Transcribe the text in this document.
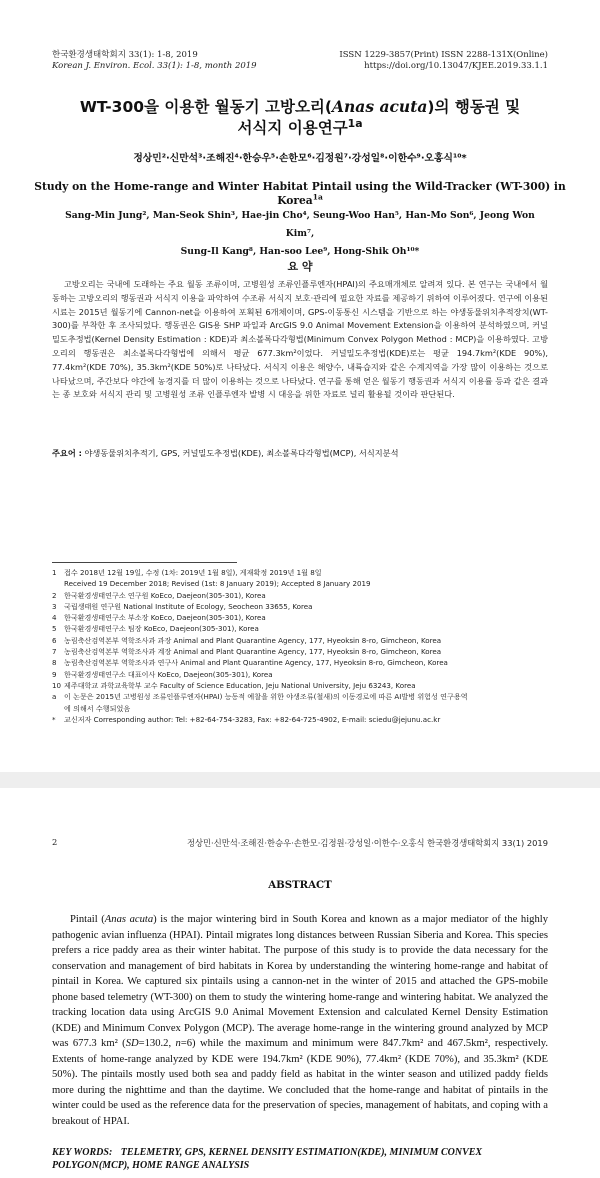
한국환경생태학회지 33(1): 1-8, 2019
Korean J. Environ. Ecol. 33(1): 1-8, month 2019
ISSN 1229-3857(Print) ISSN 2288-131X(Online)
https://doi.org/10.13047/KJEE.2019.33.1.1
WT-300을 이용한 월동기 고방오리(Anas acuta)의 행동권 및
서식지 이용연구$^{1a}$
정상민²·신만석³·조해진⁴·한승우⁵·손한모⁶·김정원⁷·강성일⁸·이한수⁹·오홍식¹⁰*
Study on the Home-range and Winter Habitat Pintail using the Wild-Tracker (WT-300) in Korea$^{1a}$
Sang-Min Jung², Man-Seok Shin³, Hae-jin Cho⁴, Seung-Woo Han⁵, Han-Mo Son⁶, Jeong Won Kim⁷,
Sung-Il Kang⁸, Han-soo Lee⁹, Hong-Shik Oh¹⁰*
요 약

고방오리는 국내에 도래하는 주요 월동 조류이며, 고병원성 조류인플루엔자(HPAI)의 주요매개체로 알려져 있다. 본 연구는 국내에서 월동하는 고방오리의 행동권과 서식지 이용을 파악하여 수조류 서식지 보호·관리에 필요한 자료를 제공하기 위하여 이루어졌다. 연구에 이용된 시료는 2015년 월동기에 Cannon-net을 이용하여 포획된 6개체이며, GPS-이동통신 시스템을 기반으로 하는 야생동물위치추적장치(WT-300)를 부착한 후 조사되었다. 행동권은 GIS용 SHP 파일과 ArcGIS 9.0 Animal Movement Extension을 이용하여 분석하였으며, 커널밀도추정법(Kernel Density Estimation : KDE)과 최소볼록다각형법(Minimum Convex Polygon Method : MCP)을 이용하였다. 고방오리의 행동권은 최소볼록다각형법에 의해서 평균 677.3km²이었다. 커널밀도추정법(KDE)로는 평균 194.7km²(KDE 90%), 77.4km²(KDE 70%), 35.3km²(KDE 50%)로 나타났다. 서식지 이용은 해양수, 내륙습지와 같은 수계지역을 가장 많이 이용하는 것으로 나타났으며, 주간보다 야간에 농경지를 더 많이 이용하는 것으로 나타났다. 연구를 통해 얻은 월동기 행동권과 서식지 이용률 등과 같은 결과는 종 보호와 서식지 관리 및 고병원성 조류 인플루엔자 발병 시 대응을 위한 자료로 널리 활용될 것이라 판단된다.

주요어 : 야생동물위치추적기, GPS, 커널밀도추정법(KDE), 최소볼록다각형법(MCP), 서식지분석
1	접수 2018년 12월 19일, 수정 (1차: 2019년 1월 8일), 게재확정 2019년 1월 8일
Received 19 December 2018; Revised (1st: 8 January 2019); Accepted 8 January 2019
2	한국환경생태연구소 연구원 KoEco, Daejeon(305-301), Korea
3	국립생태원 연구원 National Institute of Ecology, Seocheon 33655, Korea
4	한국환경생태연구소 부소장 KoEco, Daejeon(305-301), Korea
5	한국환경생태연구소 팀장 KoEco, Daejeon(305-301), Korea
6	농림축산검역본부 역학조사과 과장 Animal and Plant Quarantine Agency, 177, Hyeoksin 8-ro, Gimcheon, Korea
7	농림축산검역본부 역학조사과 계장 Animal and Plant Quarantine Agency, 177, Hyeoksin 8-ro, Gimcheon, Korea
8	농림축산검역본부 역학조사과 연구사 Animal and Plant Quarantine Agency, 177, Hyeoksin 8-ro, Gimcheon, Korea
9	한국환경생태연구소 대표이사 KoEco, Daejeon(305-301), Korea
10 제주대학교 과학교육학부 교수 Faculty of Science Education, Jeju National University, Jeju 63243, Korea
a	이 논문은 2015년 고병원성 조류인플루엔자(HPAI) 능동적 예찰을 위한 야생조류(철새)의 이동경로에 따른 AI발병 위험성 연구용역
에 의해서 수행되었음
*	교신저자 Corresponding author: Tel: +82-64-754-3283, Fax: +82-64-725-4902, E-mail: sciedu@jejunu.ac.kr
2	정상민·신만석·조해진·한승우·손한모·김정원·강성일·이한수·오홍식 한국환경생태학회지 33(1) 2019
ABSTRACT

Pintail (Anas acuta) is the major wintering bird in South Korea and known as a major mediator of the highly pathogenic avian influenza (HPAI). Pintail migrates long distances between Russian Siberia and Korea. This species prefers a rice paddy area as their winter habitat. The purpose of this study is to provide the data necessary for the conservation and management of bird habitats in Korea by understanding the wintering home-range and habitat of pintail in Korea. We captured six pintails using a cannon-net in the winter of 2015 and attached the GPS-mobile phone based telemetry (WT-300) on them to study the wintering home-range and wintering habitat. We analyzed the tracking location data using ArcGIS 9.0 Animal Movement Extension and calculated Kernel Density Estimation (KDE) and Minimum Convex Polygon (MCP). The average home-range in the wintering ground analyzed by MCP was 677.3 km² (SD=130.2, n=6) while the maximum and minimum were 847.7km² and 467.5km², respectively. Extents of home-range analyzed by KDE were 194.7km² (KDE 90%), 77.4km² (KDE 70%), and 35.3km² (KDE 50%). The pintails mostly used both sea and paddy field as habitat in the winter season and utilized paddy fields more during the nighttime and than the daytime. We concluded that the home-range and habitat of pintails in the winter could be used as the reference data for the preservation of species, management of habitats, and coping with a breakout of HPAI.

KEY WORDS: TELEMETRY, GPS, KERNEL DENSITY ESTIMATION(KDE), MINIMUM CONVEX POLYGON(MCP), HOME RANGE ANALYSIS
